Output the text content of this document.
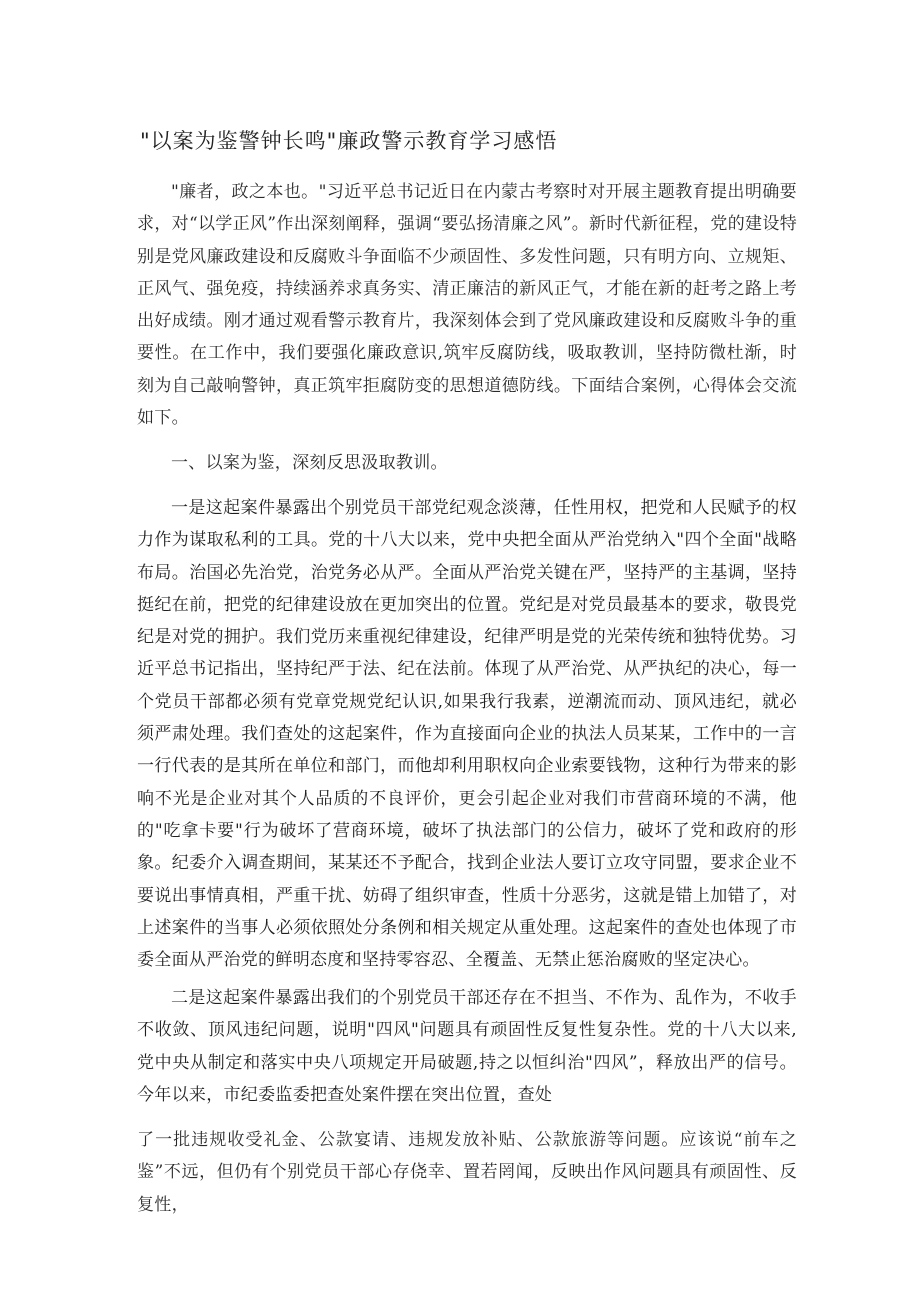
"以案为鉴警钟长鸣"廉政警示教育学习感悟

"廉者，政之本也。"习近平总书记近日在内蒙古考察时对开展主题教育提出明确要求，对“以学正风”作出深刻阐释，强调“要弘扬清廉之风”。新时代新征程，党的建设特别是党风廉政建设和反腐败斗争面临不少顽固性、多发性问题，只有明方向、立规矩、正风气、强免疫，持续涵养求真务实、清正廉洁的新风正气，才能在新的赶考之路上考出好成绩。刚才通过观看警示教育片，我深刻体会到了党风廉政建设和反腐败斗争的重要性。在工作中，我们要强化廉政意识,筑牢反腐防线，吸取教训，坚持防微杜渐，时刻为自己敲响警钟，真正筑牢拒腐防变的思想道德防线。下面结合案例，心得体会交流如下。

一、以案为鉴，深刻反思汲取教训。

一是这起案件暴露出个别党员干部党纪观念淡薄，任性用权，把党和人民赋予的权力作为谋取私利的工具。党的十八大以来，党中央把全面从严治党纳入"四个全面"战略布局。治国必先治党，治党务必从严。全面从严治党关键在严，坚持严的主基调，坚持挺纪在前，把党的纪律建设放在更加突出的位置。党纪是对党员最基本的要求，敬畏党纪是对党的拥护。我们党历来重视纪律建设，纪律严明是党的光荣传统和独特优势。习近平总书记指出，坚持纪严于法、纪在法前。体现了从严治党、从严执纪的决心，每一个党员干部都必须有党章党规党纪认识,如果我行我素，逆潮流而动、顶风违纪，就必须严肃处理。我们查处的这起案件，作为直接面向企业的执法人员某某，工作中的一言一行代表的是其所在单位和部门，而他却利用职权向企业索要钱物，这种行为带来的影响不光是企业对其个人品质的不良评价，更会引起企业对我们市营商环境的不满，他的"吃拿卡要"行为破坏了营商环境，破坏了执法部门的公信力，破坏了党和政府的形象。纪委介入调查期间，某某还不予配合，找到企业法人要订立攻守同盟，要求企业不要说出事情真相，严重干扰、妨碍了组织审查，性质十分恶劣，这就是错上加错了，对上述案件的当事人必须依照处分条例和相关规定从重处理。这起案件的查处也体现了市委全面从严治党的鲜明态度和坚持零容忍、全覆盖、无禁止惩治腐败的坚定决心。

二是这起案件暴露出我们的个别党员干部还存在不担当、不作为、乱作为，不收手不收敛、顶风违纪问题，说明"四风"问题具有顽固性反复性复杂性。党的十八大以来,党中央从制定和落实中央八项规定开局破题,持之以恒纠治"四风”，释放出严的信号。今年以来，市纪委监委把查处案件摆在突出位置，查处

了一批违规收受礼金、公款宴请、违规发放补贴、公款旅游等问题。应该说“前车之鉴”不远，但仍有个别党员干部心存侥幸、置若罔闻，反映出作风问题具有顽固性、反复性，
